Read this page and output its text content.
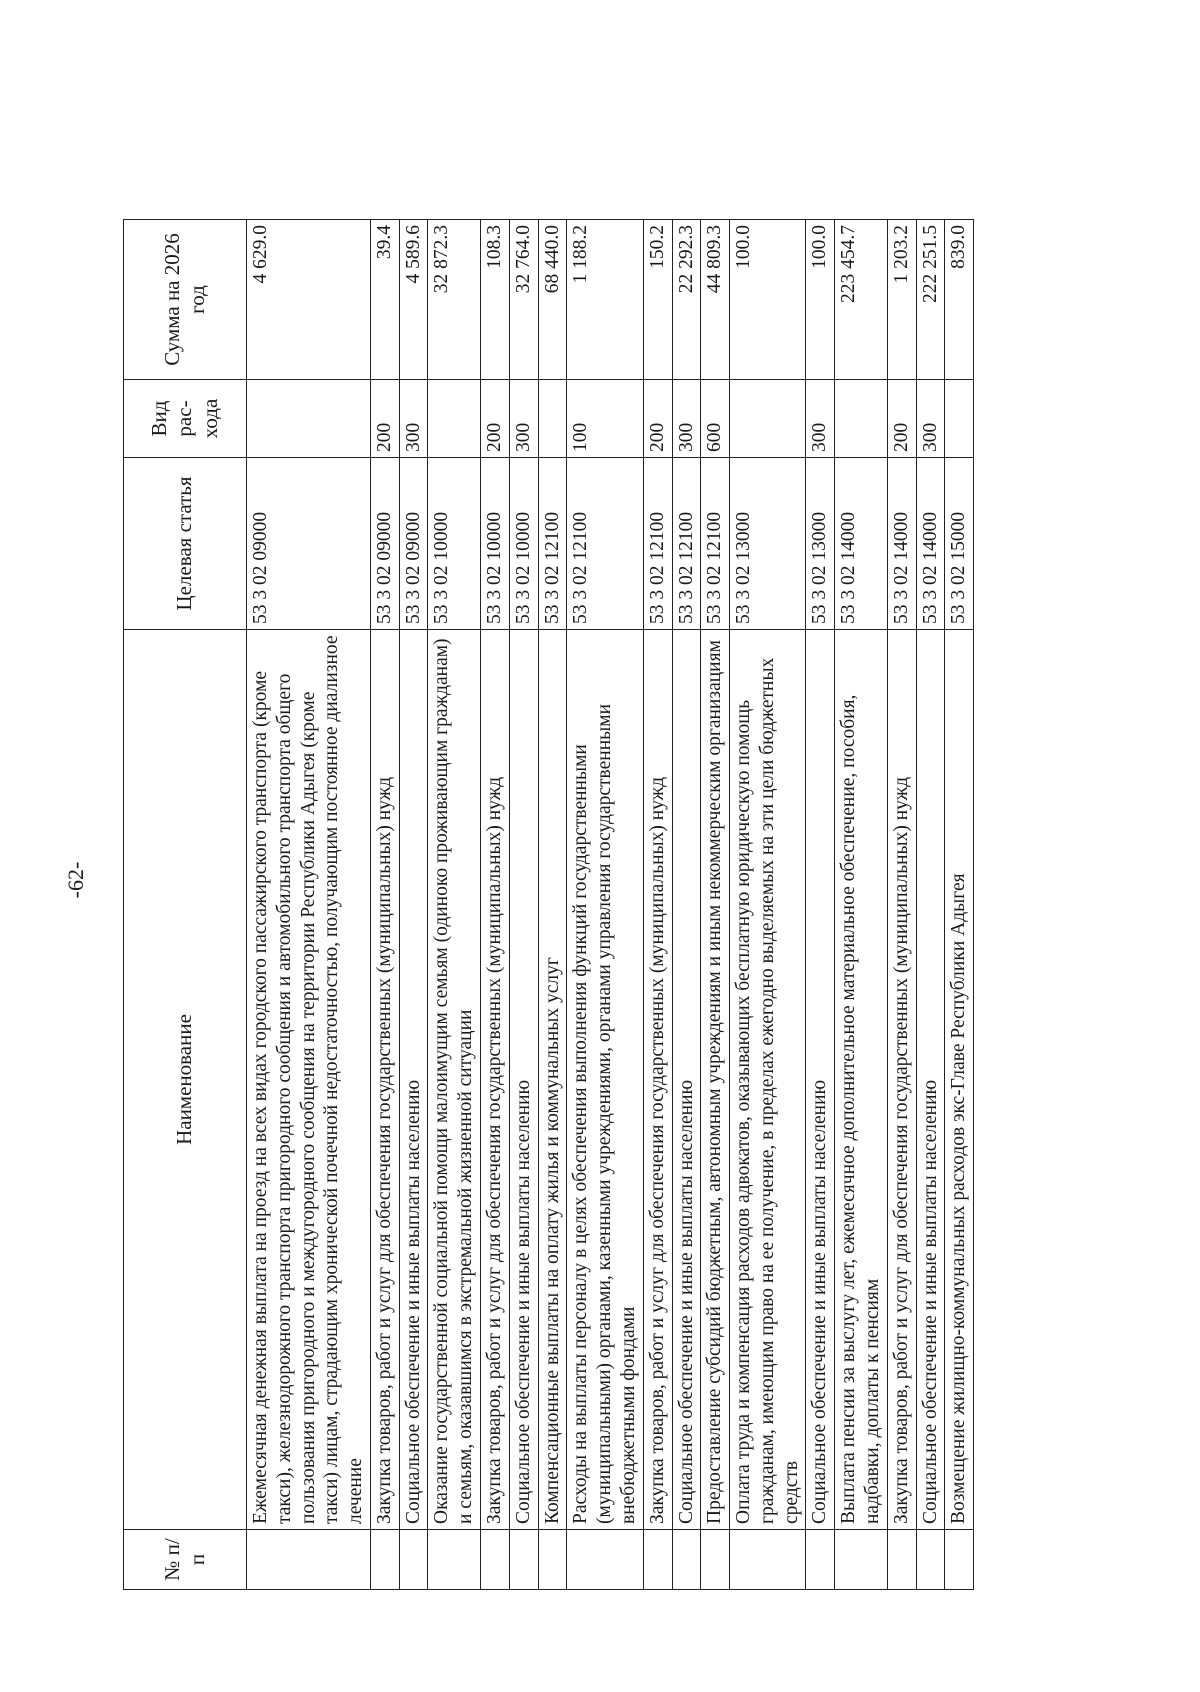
-62-
№ п/п	Наименование	Целевая статья	Вид рас-хода	Сумма на 2026 год
	Ежемесячная денежная выплата на проезд на всех видах городского пассажирского транспорта (кроме такси), железнодорожного транспорта пригородного сообщения и автомобильного транспорта общего пользования пригородного и междугородного сообщения на территории Республики Адыгея (кроме такси) лицам, страдающим хронической почечной недостаточностью, получающим постоянное диализное лечение	53 3 02 09000		4 629.0
	Закупка товаров, работ и услуг для обеспечения государственных (муниципальных) нужд	53 3 02 09000	200	39.4
	Социальное обеспечение и иные выплаты населению	53 3 02 09000	300	4 589.6
	Оказание государственной социальной помощи малоимущим семьям (одиноко проживающим гражданам) и семьям, оказавшимся в экстремальной жизненной ситуации	53 3 02 10000		32 872.3
	Закупка товаров, работ и услуг для обеспечения государственных (муниципальных) нужд	53 3 02 10000	200	108.3
	Социальное обеспечение и иные выплаты населению	53 3 02 10000	300	32 764.0
	Компенсационные выплаты на оплату жилья и коммунальных услуг	53 3 02 12100		68 440.0
	Расходы на выплаты персоналу в целях обеспечения выполнения функций государственными (муниципальными) органами, казенными учреждениями, органами управления государственными внебюджетными фондами	53 3 02 12100	100	1 188.2
	Закупка товаров, работ и услуг для обеспечения государственных (муниципальных) нужд	53 3 02 12100	200	150.2
	Социальное обеспечение и иные выплаты населению	53 3 02 12100	300	22 292.3
	Предоставление субсидий бюджетным, автономным учреждениям и иным некоммерческим организациям	53 3 02 12100	600	44 809.3
	Оплата труда и компенсация расходов адвокатов, оказывающих бесплатную юридическую помощь гражданам, имеющим право на ее получение, в пределах ежегодно выделяемых на эти цели бюджетных средств	53 3 02 13000		100.0
	Социальное обеспечение и иные выплаты населению	53 3 02 13000	300	100.0
	Выплата пенсии за выслугу лет, ежемесячное дополнительное материальное обеспечение, пособия, надбавки, доплаты к пенсиям	53 3 02 14000		223 454.7
	Закупка товаров, работ и услуг для обеспечения государственных (муниципальных) нужд	53 3 02 14000	200	1 203.2
	Социальное обеспечение и иные выплаты населению	53 3 02 14000	300	222 251.5
	Возмещение жилищно-коммунальных расходов экс-Главе Республики Адыгея	53 3 02 15000		839.0
